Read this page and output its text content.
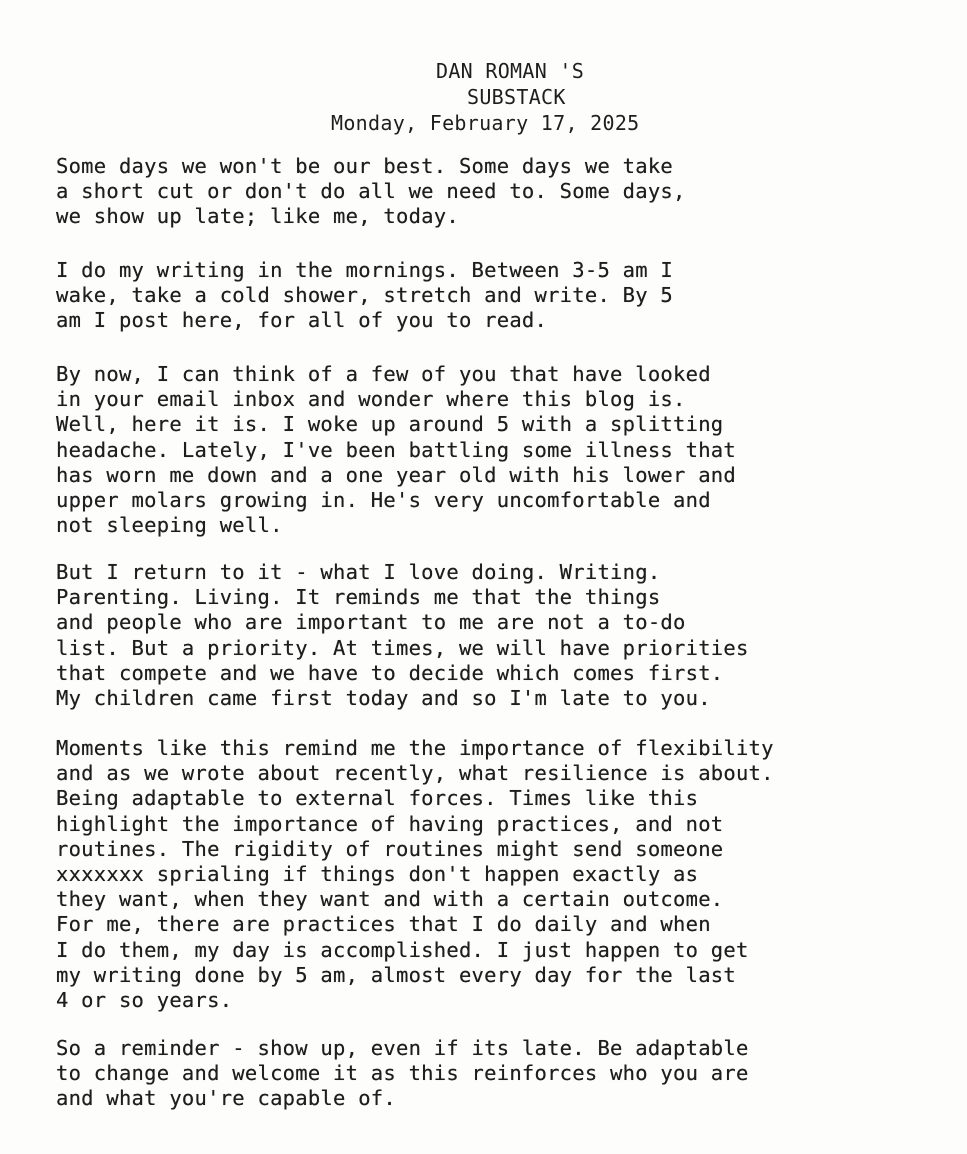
DAN ROMAN 'S
SUBSTACK
Monday, February 17, 2025

Some days we won't be our best. Some days we take
a short cut or don't do all we need to. Some days,
we show up late; like me, today.

I do my writing in the mornings. Between 3-5 am I
wake, take a cold shower, stretch and write. By 5
am I post here, for all of you to read.

By now, I can think of a few of you that have looked
in your email inbox and wonder where this blog is.
Well, here it is. I woke up around 5 with a splitting
headache. Lately, I've been battling some illness that
has worn me down and a one year old with his lower and
upper molars growing in. He's very uncomfortable and
not sleeping well.

But I return to it - what I love doing. Writing.
Parenting. Living. It reminds me that the things
and people who are important to me are not a to-do
list. But a priority. At times, we will have priorities
that compete and we have to decide which comes first.
My children came first today and so I'm late to you.

Moments like this remind me the importance of flexibility
and as we wrote about recently, what resilience is about.
Being adaptable to external forces. Times like this
highlight the importance of having practices, and not
routines. The rigidity of routines might send someone
xxxxxxx sprialing if things don't happen exactly as
they want, when they want and with a certain outcome.
For me, there are practices that I do daily and when
I do them, my day is accomplished. I just happen to get
my writing done by 5 am, almost every day for the last
4 or so years.

So a reminder - show up, even if its late. Be adaptable
to change and welcome it as this reinforces who you are
and what you're capable of.
